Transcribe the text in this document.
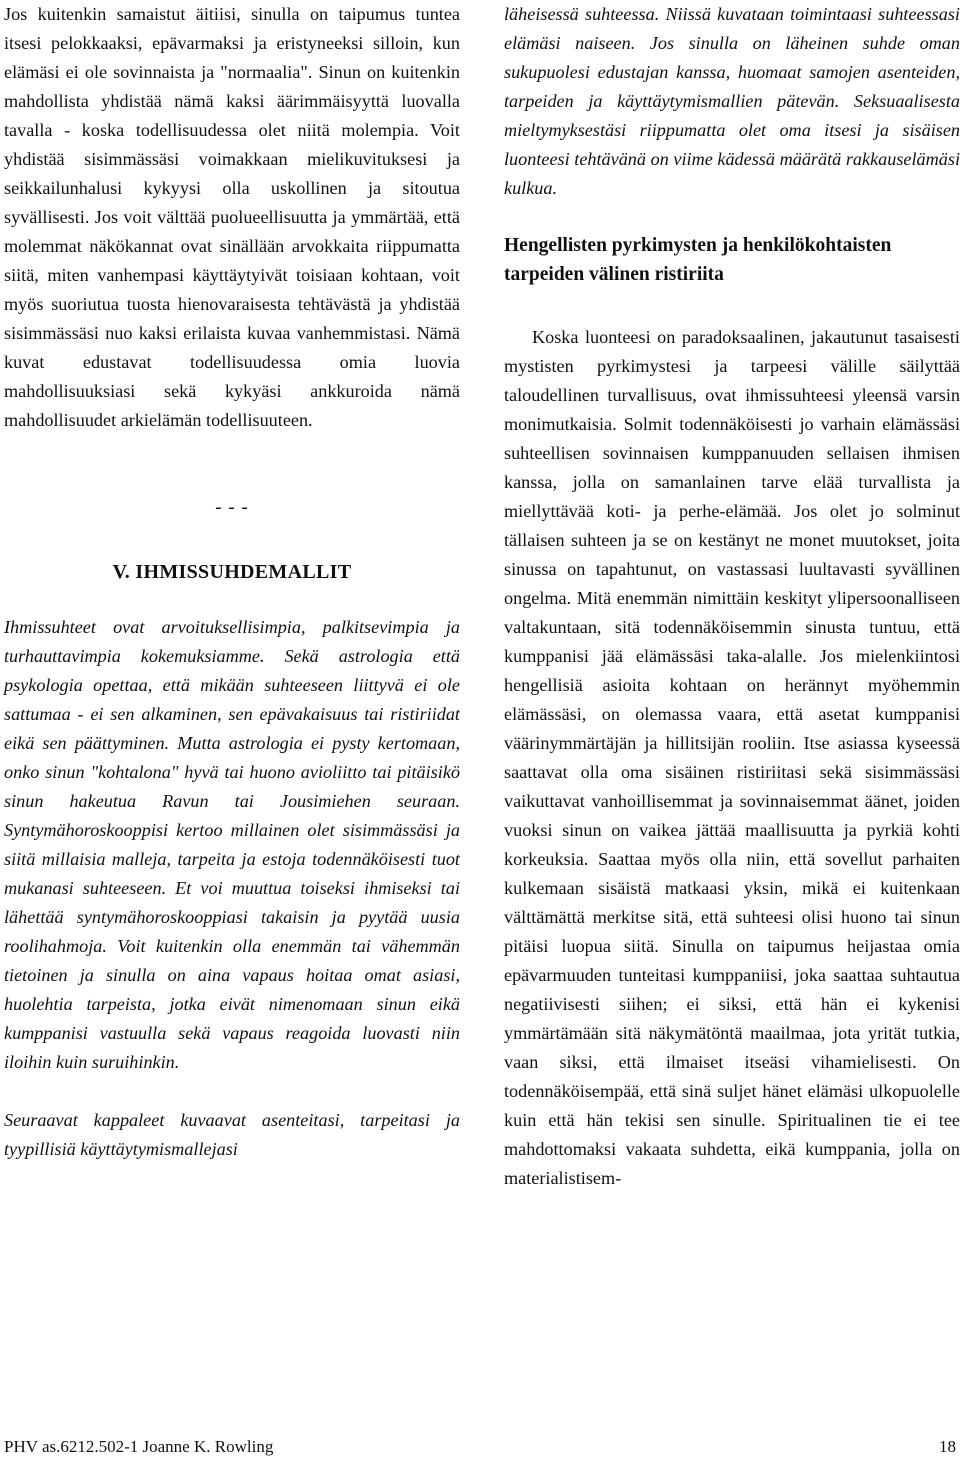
Jos kuitenkin samaistut äitiisi, sinulla on taipumus tuntea itsesi pelokkaaksi, epävarmaksi ja eristyneeksi silloin, kun elämäsi ei ole sovinnaista ja "normaalia". Sinun on kuitenkin mahdollista yhdistää nämä kaksi äärimmäisyyttä luovalla tavalla - koska todellisuudessa olet niitä molempia. Voit yhdistää sisimmässäsi voimakkaan mielikuvituksesi ja seikkailunhalusi kykyysi olla uskollinen ja sitoutua syvällisesti. Jos voit välttää puolueellisuutta ja ymmärtää, että molemmat näkökannat ovat sinällään arvokkaita riippumatta siitä, miten vanhempasi käyttäytyivät toisiaan kohtaan, voit myös suoriutua tuosta hienovaraisesta tehtävästä ja yhdistää sisimmässäsi nuo kaksi erilaista kuvaa vanhemmistasi. Nämä kuvat edustavat todellisuudessa omia luovia mahdollisuuksiasi sekä kykyäsi ankkuroida nämä mahdollisuudet arkielämän todellisuuteen.

- - -
V. IHMISSUHDEMALLIT

Ihmissuhteet ovat arvoituksellisimpia, palkitsevimpia ja turhauttavimpia kokemuksiamme. Sekä astrologia että psykologia opettaa, että mikään suhteeseen liittyvä ei ole sattumaa - ei sen alkaminen, sen epävakaisuus tai ristiriidat eikä sen päättyminen. Mutta astrologia ei pysty kertomaan, onko sinun "kohtalona" hyvä tai huono avioliitto tai pitäisikö sinun hakeutua Ravun tai Jousimiehen seuraan. Syntymähoroskooppisi kertoo millainen olet sisimmässäsi ja siitä millaisia malleja, tarpeita ja estoja todennäköisesti tuot mukanasi suhteeseen. Et voi muuttua toiseksi ihmiseksi tai lähettää syntymähoroskooppiasi takaisin ja pyytää uusia roolihahmoja. Voit kuitenkin olla enemmän tai vähemmän tietoinen ja sinulla on aina vapaus hoitaa omat asiasi, huolehtia tarpeista, jotka eivät nimenomaan sinun eikä kumppanisi vastuulla sekä vapaus reagoida luovasti niin iloihin kuin suruihinkin.

Seuraavat kappaleet kuvaavat asenteitasi, tarpeitasi ja tyypillisiä käyttäytymismallejasi

läheisessä suhteessa. Niissä kuvataan toimintaasi suhteessasi elämäsi naiseen. Jos sinulla on läheinen suhde oman sukupuolesi edustajan kanssa, huomaat samojen asenteiden, tarpeiden ja käyttäytymismallien pätevän. Seksuaalisesta mieltymyksestäsi riippumatta olet oma itsesi ja sisäisen luonteesi tehtävänä on viime kädessä määrätä rakkauselämäsi kulkua.

Hengellisten pyrkimysten ja henkilökohtaisten tarpeiden välinen ristiriita

Koska luonteesi on paradoksaalinen, jakautunut tasaisesti mystisten pyrkimystesi ja tarpeesi välille säilyttää taloudellinen turvallisuus, ovat ihmissuhteesi yleensä varsin monimutkaisia. Solmit todennäköisesti jo varhain elämässäsi suhteellisen sovinnaisen kumppanuuden sellaisen ihmisen kanssa, jolla on samanlainen tarve elää turvallista ja miellyttävää koti- ja perhe-elämää. Jos olet jo solminut tällaisen suhteen ja se on kestänyt ne monet muutokset, joita sinussa on tapahtunut, on vastassasi luultavasti syvällinen ongelma. Mitä enemmän nimittäin keskityt ylipersoonalliseen valtakuntaan, sitä todennäköisemmin sinusta tuntuu, että kumppanisi jää elämässäsi taka-alalle. Jos mielenkiintosi hengellisiä asioita kohtaan on herännyt myöhemmin elämässäsi, on olemassa vaara, että asetat kumppanisi väärinymmärtäjän ja hillitsijän rooliin. Itse asiassa kyseessä saattavat olla oma sisäinen ristiriitasi sekä sisimmässäsi vaikuttavat vanhoillisemmat ja sovinnaisemmat äänet, joiden vuoksi sinun on vaikea jättää maallisuutta ja pyrkiä kohti korkeuksia. Saattaa myös olla niin, että sovellut parhaiten kulkemaan sisäistä matkaasi yksin, mikä ei kuitenkaan välttämättä merkitse sitä, että suhteesi olisi huono tai sinun pitäisi luopua siitä. Sinulla on taipumus heijastaa omia epävarmuuden tunteitasi kumppaniisi, joka saattaa suhtautua negatiivisesti siihen; ei siksi, että hän ei kykenisi ymmärtämään sitä näkymätöntä maailmaa, jota yrität tutkia, vaan siksi, että ilmaiset itseäsi vihamielisesti. On todennäköisempää, että sinä suljet hänet elämäsi ulkopuolelle kuin että hän tekisi sen sinulle. Spiritualinen tie ei tee mahdottomaksi vakaata suhdetta, eikä kumppania, jolla on materialistisem-

PHV as.6212.502-1 Joanne K. Rowling	18
